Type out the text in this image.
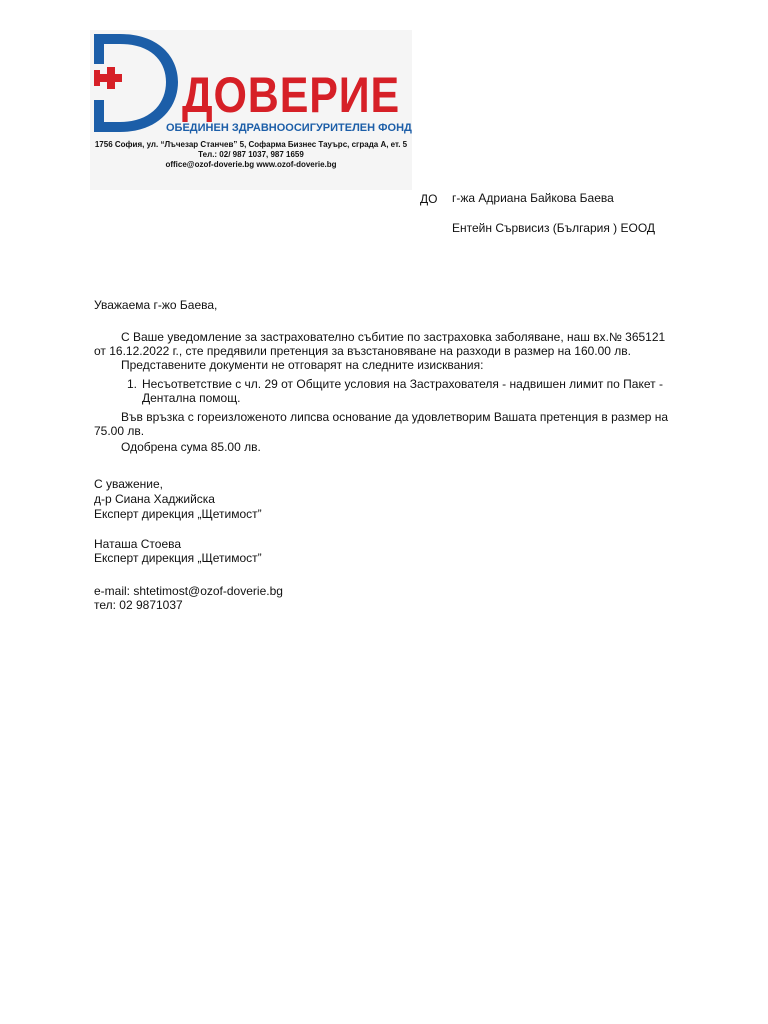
ДОВЕРИЕ
ОБЕДИНЕН ЗДРАВНООСИГУРИТЕЛЕН ФОНД
1756 София, ул. “Лъчезар Станчев” 5, Софарма Бизнес Тауърс, сграда А, ет. 5
Тел.: 02/ 987 1037, 987 1659
office@ozof-doverie.bg www.ozof-doverie.bg
ДО г-жа Адриана Байкова Баева
Ентейн Сървисиз (България ) ЕООД
Уважаема г-жо Баева,
С Ваше уведомление за застрахователно събитие по застраховка заболяване, наш вх.№ 365121
от 16.12.2022 г., сте предявили претенция за възстановяване на разходи в размер на 160.00 лв.
Представените документи не отговарят на следните изисквания:
1. Несъответствие с чл. 29 от Общите условия на Застрахователя - надвишен лимит по Пакет -
Дентална помощ.
Във връзка с гореизложеното липсва основание да удовлетворим Вашата претенция в размер на
75.00 лв.
Одобрена сума 85.00 лв.
С уважение,
д-р Сиана Хаджийска
Експерт дирекция „Щетимост”
Наташа Стоева
Експерт дирекция „Щетимост”
e-mail: shtetimost@ozof-doverie.bg
тел: 02 9871037
